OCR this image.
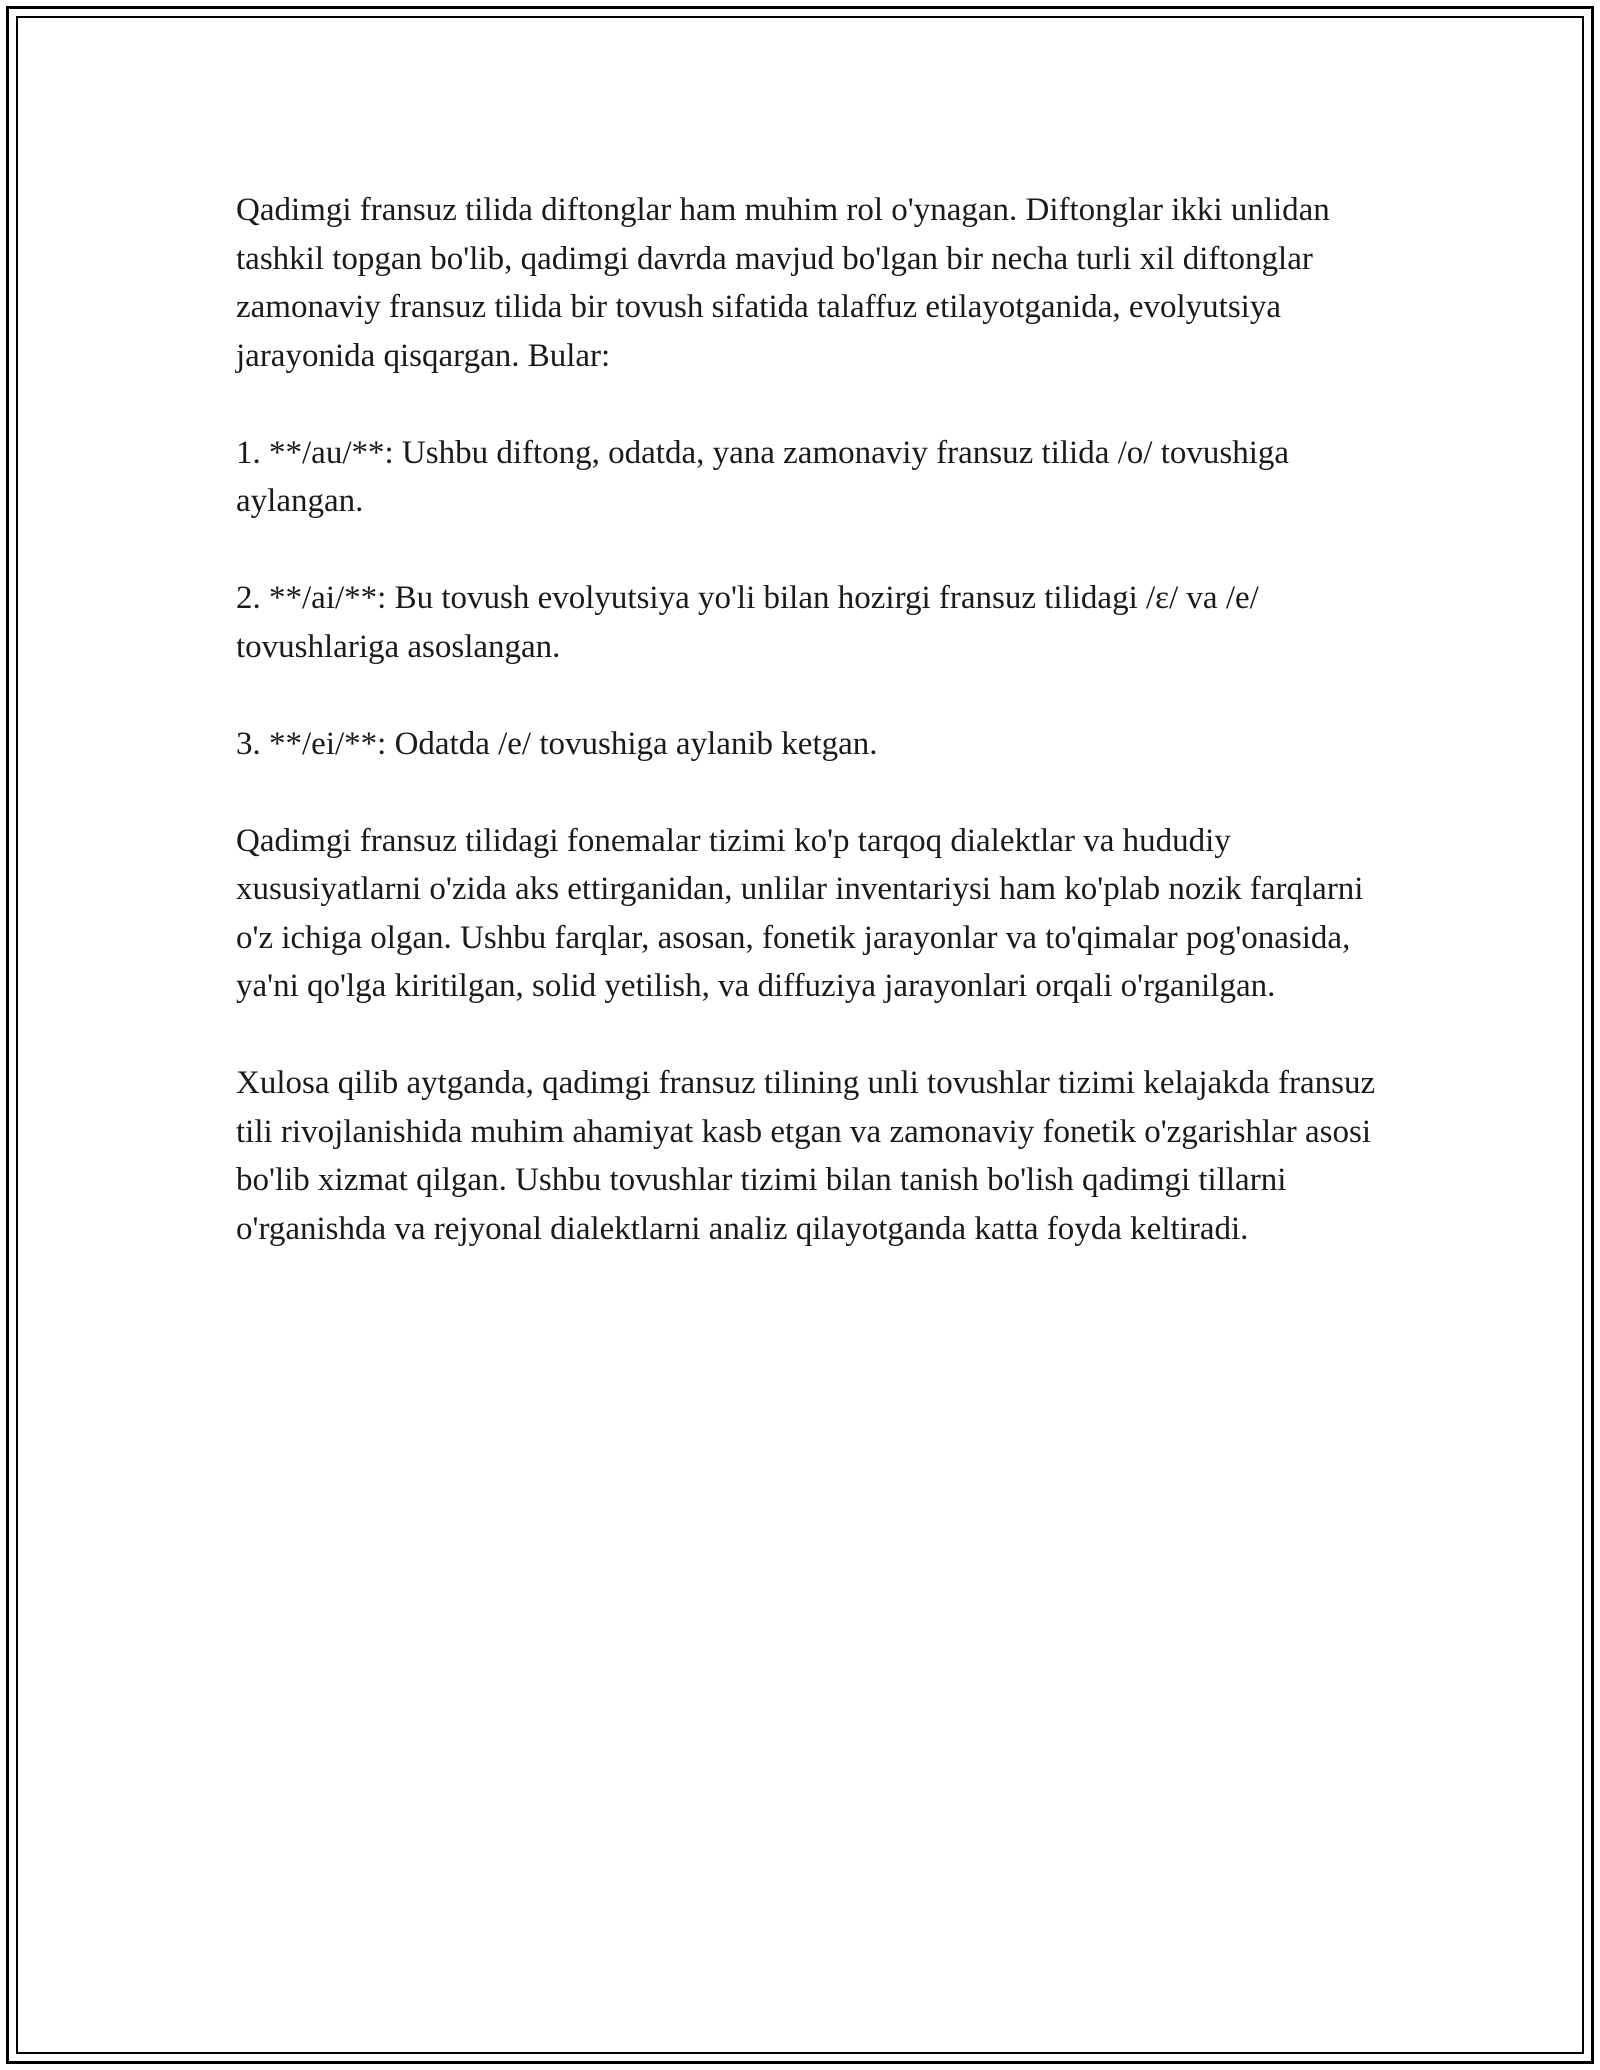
Qadimgi fransuz tilida diftonglar ham muhim rol o'ynagan. Diftonglar ikki unlidan tashkil topgan bo'lib, qadimgi davrda mavjud bo'lgan bir necha turli xil diftonglar zamonaviy fransuz tilida bir tovush sifatida talaffuz etilayotganida, evolyutsiya jarayonida qisqargan. Bular:

1. **/au/**: Ushbu diftong, odatda, yana zamonaviy fransuz tilida /o/ tovushiga aylangan.

2. **/ai/**: Bu tovush evolyutsiya yo'li bilan hozirgi fransuz tilidagi /ɛ/ va /e/ tovushlariga asoslangan.

3. **/ei/**: Odatda /e/ tovushiga aylanib ketgan.

Qadimgi fransuz tilidagi fonemalar tizimi ko'p tarqoq dialektlar va hududiy xususiyatlarni o'zida aks ettirganidan, unlilar inventariysi ham ko'plab nozik farqlarni o'z ichiga olgan. Ushbu farqlar, asosan, fonetik jarayonlar va to'qimalar pog'onasida, ya'ni qo'lga kiritilgan, solid yetilish, va diffuziya jarayonlari orqali o'rganilgan.

Xulosa qilib aytganda, qadimgi fransuz tilining unli tovushlar tizimi kelajakda fransuz tili rivojlanishida muhim ahamiyat kasb etgan va zamonaviy fonetik o'zgarishlar asosi bo'lib xizmat qilgan. Ushbu tovushlar tizimi bilan tanish bo'lish qadimgi tillarni o'rganishda va rejyonal dialektlarni analiz qilayotganda katta foyda keltiradi.
